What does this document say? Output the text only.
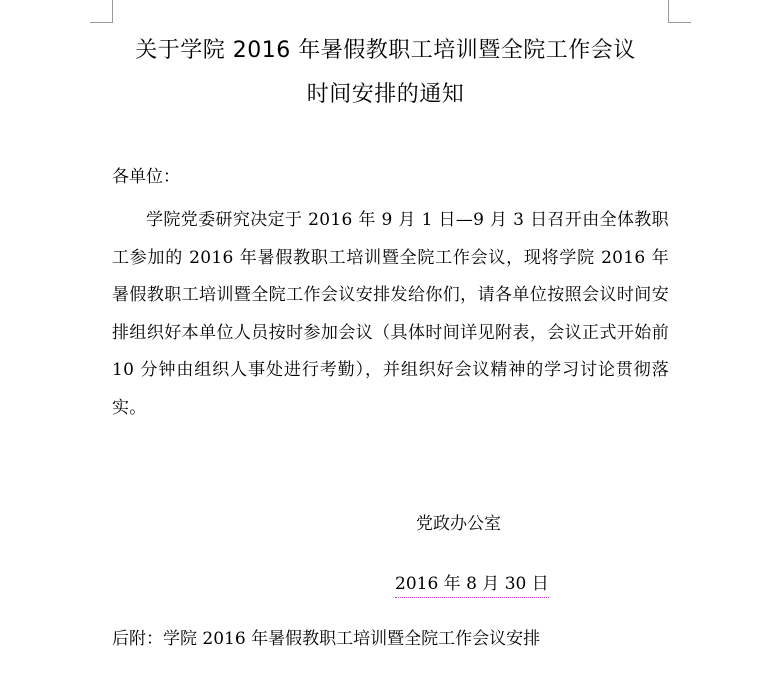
关于学院 2016 年暑假教职工培训暨全院工作会议
时间安排的通知
各单位：
学院党委研究决定于 2016 年 9 月 1 日—9 月 3 日召开由全体教职工参加的 2016 年暑假教职工培训暨全院工作会议，现将学院 2016 年暑假教职工培训暨全院工作会议安排发给你们，请各单位按照会议时间安排组织好本单位人员按时参加会议（具体时间详见附表，会议正式开始前 10 分钟由组织人事处进行考勤），并组织好会议精神的学习讨论贯彻落实。
党政办公室
2016 年 8 月 30 日
后附：学院 2016 年暑假教职工培训暨全院工作会议安排
